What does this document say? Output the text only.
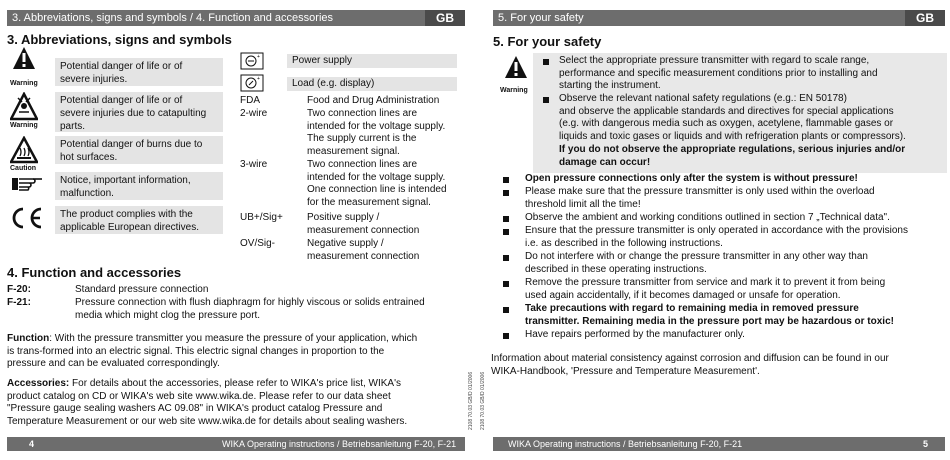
3. Abbreviations, signs and symbols / 4. Function and accessories	GB
3. Abbreviations, signs and symbols
Warning
Potential danger of life or of
severe injuries.
Warning
Potential danger of life or of
severe injuries due to catapulting
parts.
Caution
Potential danger of burns due to
hot surfaces.
Notice, important information,
malfunction.
The product complies with the
applicable European directives.
+	Power supply
+	Load (e.g. display)
FDA	Food and Drug Administration
2-wire	Two connection lines are
intended for the voltage supply.
The supply current is the
measurement signal.
3-wire	Two connection lines are
intended for the voltage supply.
One connection line is intended
for the measurement signal.
UB+/Sig+ Positive supply /
measurement connection
OV/Sig-	Negative supply /
measurement connection
4. Function and accessories
F-20:	Standard pressure connection
F-21:	Pressure connection with flush diaphragm for highly viscous or solids entrained
media which might clog the pressure port.
Function: With the pressure transmitter you measure the pressure of your application, which
is trans-formed into an electric signal. This electric signal changes in proportion to the
pressure and can be evaluated correspondingly.
Accessories: For details about the accessories, please refer to WIKA's price list, WIKA's
product catalog on CD or WIKA's web site www.wika.de. Please refer to our data sheet
"Pressure gauge sealing washers AC 09.08" in WIKA's product catalog Pressure and
Temperature Measurement or our web site www.wika.de for details about sealing washers.
4	WIKA Operating instructions / Betriebsanleitung F-20, F-21
5. For your safety	GB
5. For your safety
Warning
Select the appropriate pressure transmitter with regard to scale range,
performance and specific measurement conditions prior to installing and
starting the instrument.
Observe the relevant national safety regulations (e.g.: EN 50178)
and observe the applicable standards and directives for special applications
(e.g. with dangerous media such as oxygen, acetylene, flammable gases or
liquids and toxic gases or liquids and with refrigeration plants or compressors).
If you do not observe the appropriate regulations, serious injuries and/or
damage can occur!
Open pressure connections only after the system is without pressure!
Please make sure that the pressure transmitter is only used within the overload
threshold limit all the time!
Observe the ambient and working conditions outlined in section 7 „Technical data".
Ensure that the pressure transmitter is only operated in accordance with the provisions
i.e. as described in the following instructions.
Do not interfere with or change the pressure transmitter in any other way than
described in these operating instructions.
Remove the pressure transmitter from service and mark it to prevent it from being
used again accidentally, if it becomes damaged or unsafe for operation.
Take precautions with regard to remaining media in removed pressure
transmitter. Remaining media in the pressure port may be hazardous or toxic!
Have repairs performed by the manufacturer only.
Information about material consistency against corrosion and diffusion can be found in our
WIKA-Handbook, 'Pressure and Temperature Measurement'.
2108 70.03 GB/D 01/2006 2108 70.03 GB/D 01/2006
WIKA Operating instructions / Betriebsanleitung F-20, F-21	5
